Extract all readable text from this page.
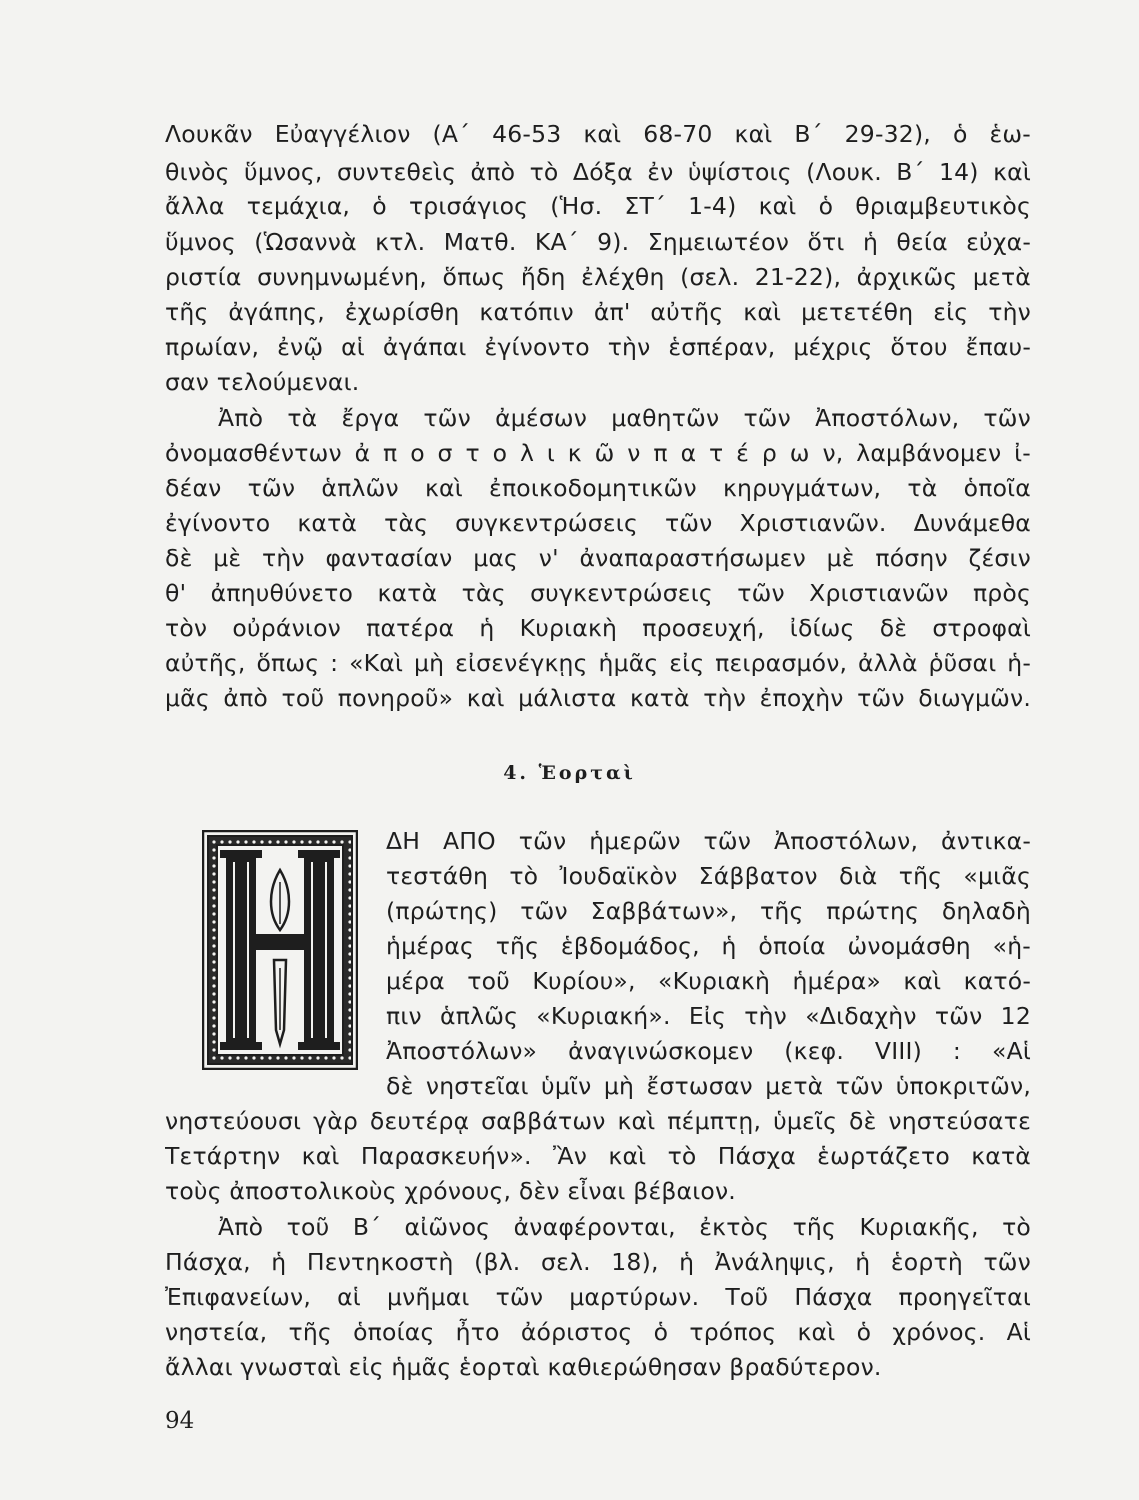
Λουκᾶν Εὐαγγέλιον (Α΄ 46-53 καὶ 68-70 καὶ Β΄ 29-32), ὁ ἑω-
θινὸς ὕμνος, συντεθεὶς ἀπὸ τὸ Δόξα ἐν ὑψίστοις (Λουκ. Β΄ 14) καὶ
ἄλλα τεμάχια, ὁ τρισάγιος (Ἡσ. ΣΤ΄ 1-4) καὶ ὁ θριαμβευτικὸς
ὕμνος (Ὡσαννὰ κτλ. Ματθ. ΚΑ΄ 9). Σημειωτέον ὅτι ἡ θεία εὐχα-
ριστία συνημνωμένη, ὅπως ἤδη ἐλέχθη (σελ. 21-22), ἀρχικῶς μετὰ
τῆς ἀγάπης, ἐχωρίσθη κατόπιν ἀπ' αὐτῆς καὶ μετετέθη εἰς τὴν
πρωίαν, ἐνῷ αἱ ἀγάπαι ἐγίνοντο τὴν ἑσπέραν, μέχρις ὅτου ἔπαυ-
σαν τελούμεναι.
Ἀπὸ τὰ ἔργα τῶν ἀμέσων μαθητῶν τῶν Ἀποστόλων, τῶν
ὀνομασθέντων ἀ π ο σ τ ο λ ι κ ῶ ν π α τ έ ρ ω ν, λαμβάνομεν ἰ-
δέαν τῶν ἁπλῶν καὶ ἐποικοδομητικῶν κηρυγμάτων, τὰ ὁποῖα
ἐγίνοντο κατὰ τὰς συγκεντρώσεις τῶν Χριστιανῶν. Δυνάμεθα
δὲ μὲ τὴν φαντασίαν μας ν' ἀναπαραστήσωμεν μὲ πόσην ζέσιν
θ' ἀπηυθύνετο κατὰ τὰς συγκεντρώσεις τῶν Χριστιανῶν πρὸς
τὸν οὐράνιον πατέρα ἡ Κυριακὴ προσευχή, ἰδίως δὲ στροφαὶ
αὐτῆς, ὅπως : «Καὶ μὴ εἰσενέγκῃς ἡμᾶς εἰς πειρασμόν, ἀλλὰ ῥῦσαι ἡ-
μᾶς ἀπὸ τοῦ πονηροῦ» καὶ μάλιστα κατὰ τὴν ἐποχὴν τῶν διωγμῶν.
4. Ἑορταὶ
ΔΗ ΑΠΟ τῶν ἡμερῶν τῶν Ἀποστόλων, ἀντικα-
τεστάθη τὸ Ἰουδαϊκὸν Σάββατον διὰ τῆς «μιᾶς
(πρώτης) τῶν Σαββάτων», τῆς πρώτης δηλαδὴ
ἡμέρας τῆς ἑβδομάδος, ἡ ὁποία ὠνομάσθη «ἡ-
μέρα τοῦ Κυρίου», «Κυριακὴ ἡμέρα» καὶ κατό-
πιν ἁπλῶς «Κυριακή». Εἰς τὴν «Διδαχὴν τῶν 12
Ἀποστόλων» ἀναγινώσκομεν (κεφ. VIII) : «Αἱ
δὲ νηστεῖαι ὑμῖν μὴ ἔστωσαν μετὰ τῶν ὑποκριτῶν,
νηστεύουσι γὰρ δευτέρᾳ σαββάτων καὶ πέμπτῃ, ὑμεῖς δὲ νηστεύσατε
Τετάρτην καὶ Παρασκευήν». Ἂν καὶ τὸ Πάσχα ἑωρτάζετο κατὰ
τοὺς ἀποστολικοὺς χρόνους, δὲν εἶναι βέβαιον.
Ἀπὸ τοῦ Β΄ αἰῶνος ἀναφέρονται, ἐκτὸς τῆς Κυριακῆς, τὸ
Πάσχα, ἡ Πεντηκοστὴ (βλ. σελ. 18), ἡ Ἀνάληψις, ἡ ἑορτὴ τῶν
Ἐπιφανείων, αἱ μνῆμαι τῶν μαρτύρων. Τοῦ Πάσχα προηγεῖται
νηστεία, τῆς ὁποίας ἦτο ἀόριστος ὁ τρόπος καὶ ὁ χρόνος. Αἱ
ἄλλαι γνωσταὶ εἰς ἡμᾶς ἑορταὶ καθιερώθησαν βραδύτερον.
94
